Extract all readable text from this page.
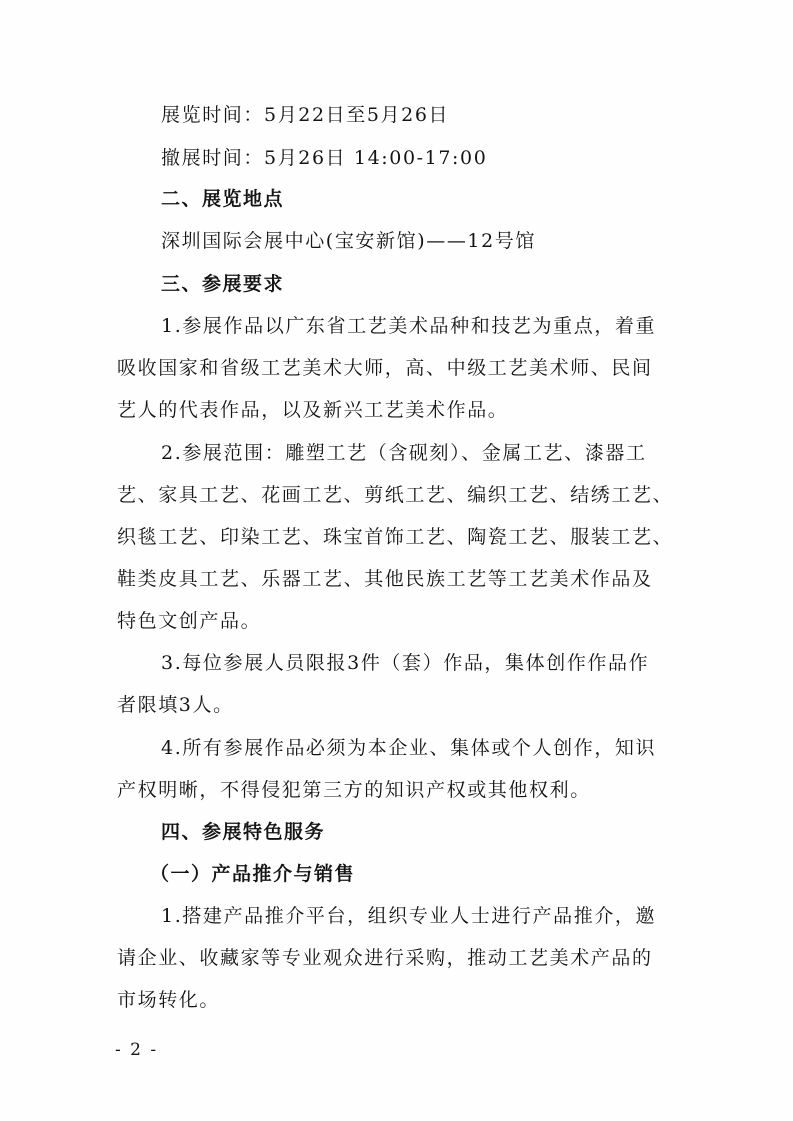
展览时间：5月22日至5月26日
撤展时间：5月26日 14:00-17:00
二、展览地点
深圳国际会展中心(宝安新馆)——12号馆
三、参展要求
1.参展作品以广东省工艺美术品种和技艺为重点，着重
吸收国家和省级工艺美术大师，高、中级工艺美术师、民间
艺人的代表作品，以及新兴工艺美术作品。
2.参展范围：雕塑工艺（含砚刻）、金属工艺、漆器工
艺、家具工艺、花画工艺、剪纸工艺、编织工艺、结绣工艺、
织毯工艺、印染工艺、珠宝首饰工艺、陶瓷工艺、服装工艺、
鞋类皮具工艺、乐器工艺、其他民族工艺等工艺美术作品及
特色文创产品。
3.每位参展人员限报3件（套）作品，集体创作作品作
者限填3人。
4.所有参展作品必须为本企业、集体或个人创作，知识
产权明晰，不得侵犯第三方的知识产权或其他权利。
四、参展特色服务
（一）产品推介与销售
1.搭建产品推介平台，组织专业人士进行产品推介，邀
请企业、收藏家等专业观众进行采购，推动工艺美术产品的
市场转化。
- 2 -
